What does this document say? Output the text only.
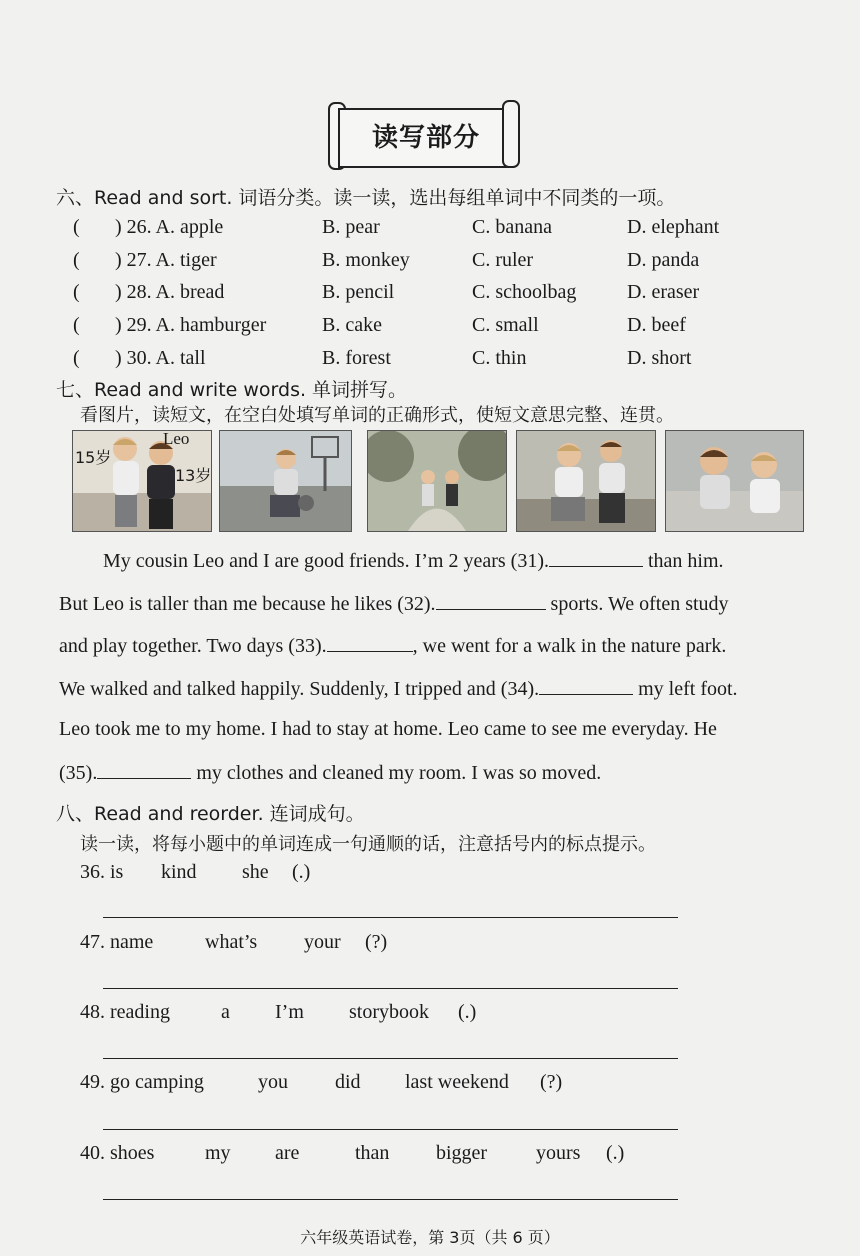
读写部分
六、Read and sort. 词语分类。读一读，选出每组单词中不同类的一项。
( ) 26. A. apple	B. pear	C. banana	D. elephant
( ) 27. A. tiger	B. monkey	C. ruler	D. panda
( ) 28. A. bread	B. pencil	C. schoolbag	D. eraser
( ) 29. A. hamburger	B. cake	C. small	D. beef
( ) 30. A. tall	B. forest	C. thin	D. short
七、Read and write words. 单词拼写。
看图片，读短文，在空白处填写单词的正确形式，使短文意思完整、连贯。
15岁
Leo
13岁
My cousin Leo and I are good friends. I’m 2 years (31).	than him.
But Leo is taller than me because he likes (32).	sports. We often study
and play together. Two days (33).	, we went for a walk in the nature park.
We walked and talked happily. Suddenly, I tripped and (34).	my left foot.
Leo took me to my home. I had to stay at home. Leo came to see me everyday. He
(35).	my clothes and cleaned my room. I was so moved.
八、Read and reorder. 连词成句。
读一读，将每小题中的单词连成一句通顺的话，注意括号内的标点提示。
36. is kind she (.)
47. name	what’s your (?)
48. reading	a I’m storybook (.)
49. go camping	you did last weekend (?)
40. shoes	my are	than bigger yours (.)
六年级英语试卷，第 3页（共 6 页）
